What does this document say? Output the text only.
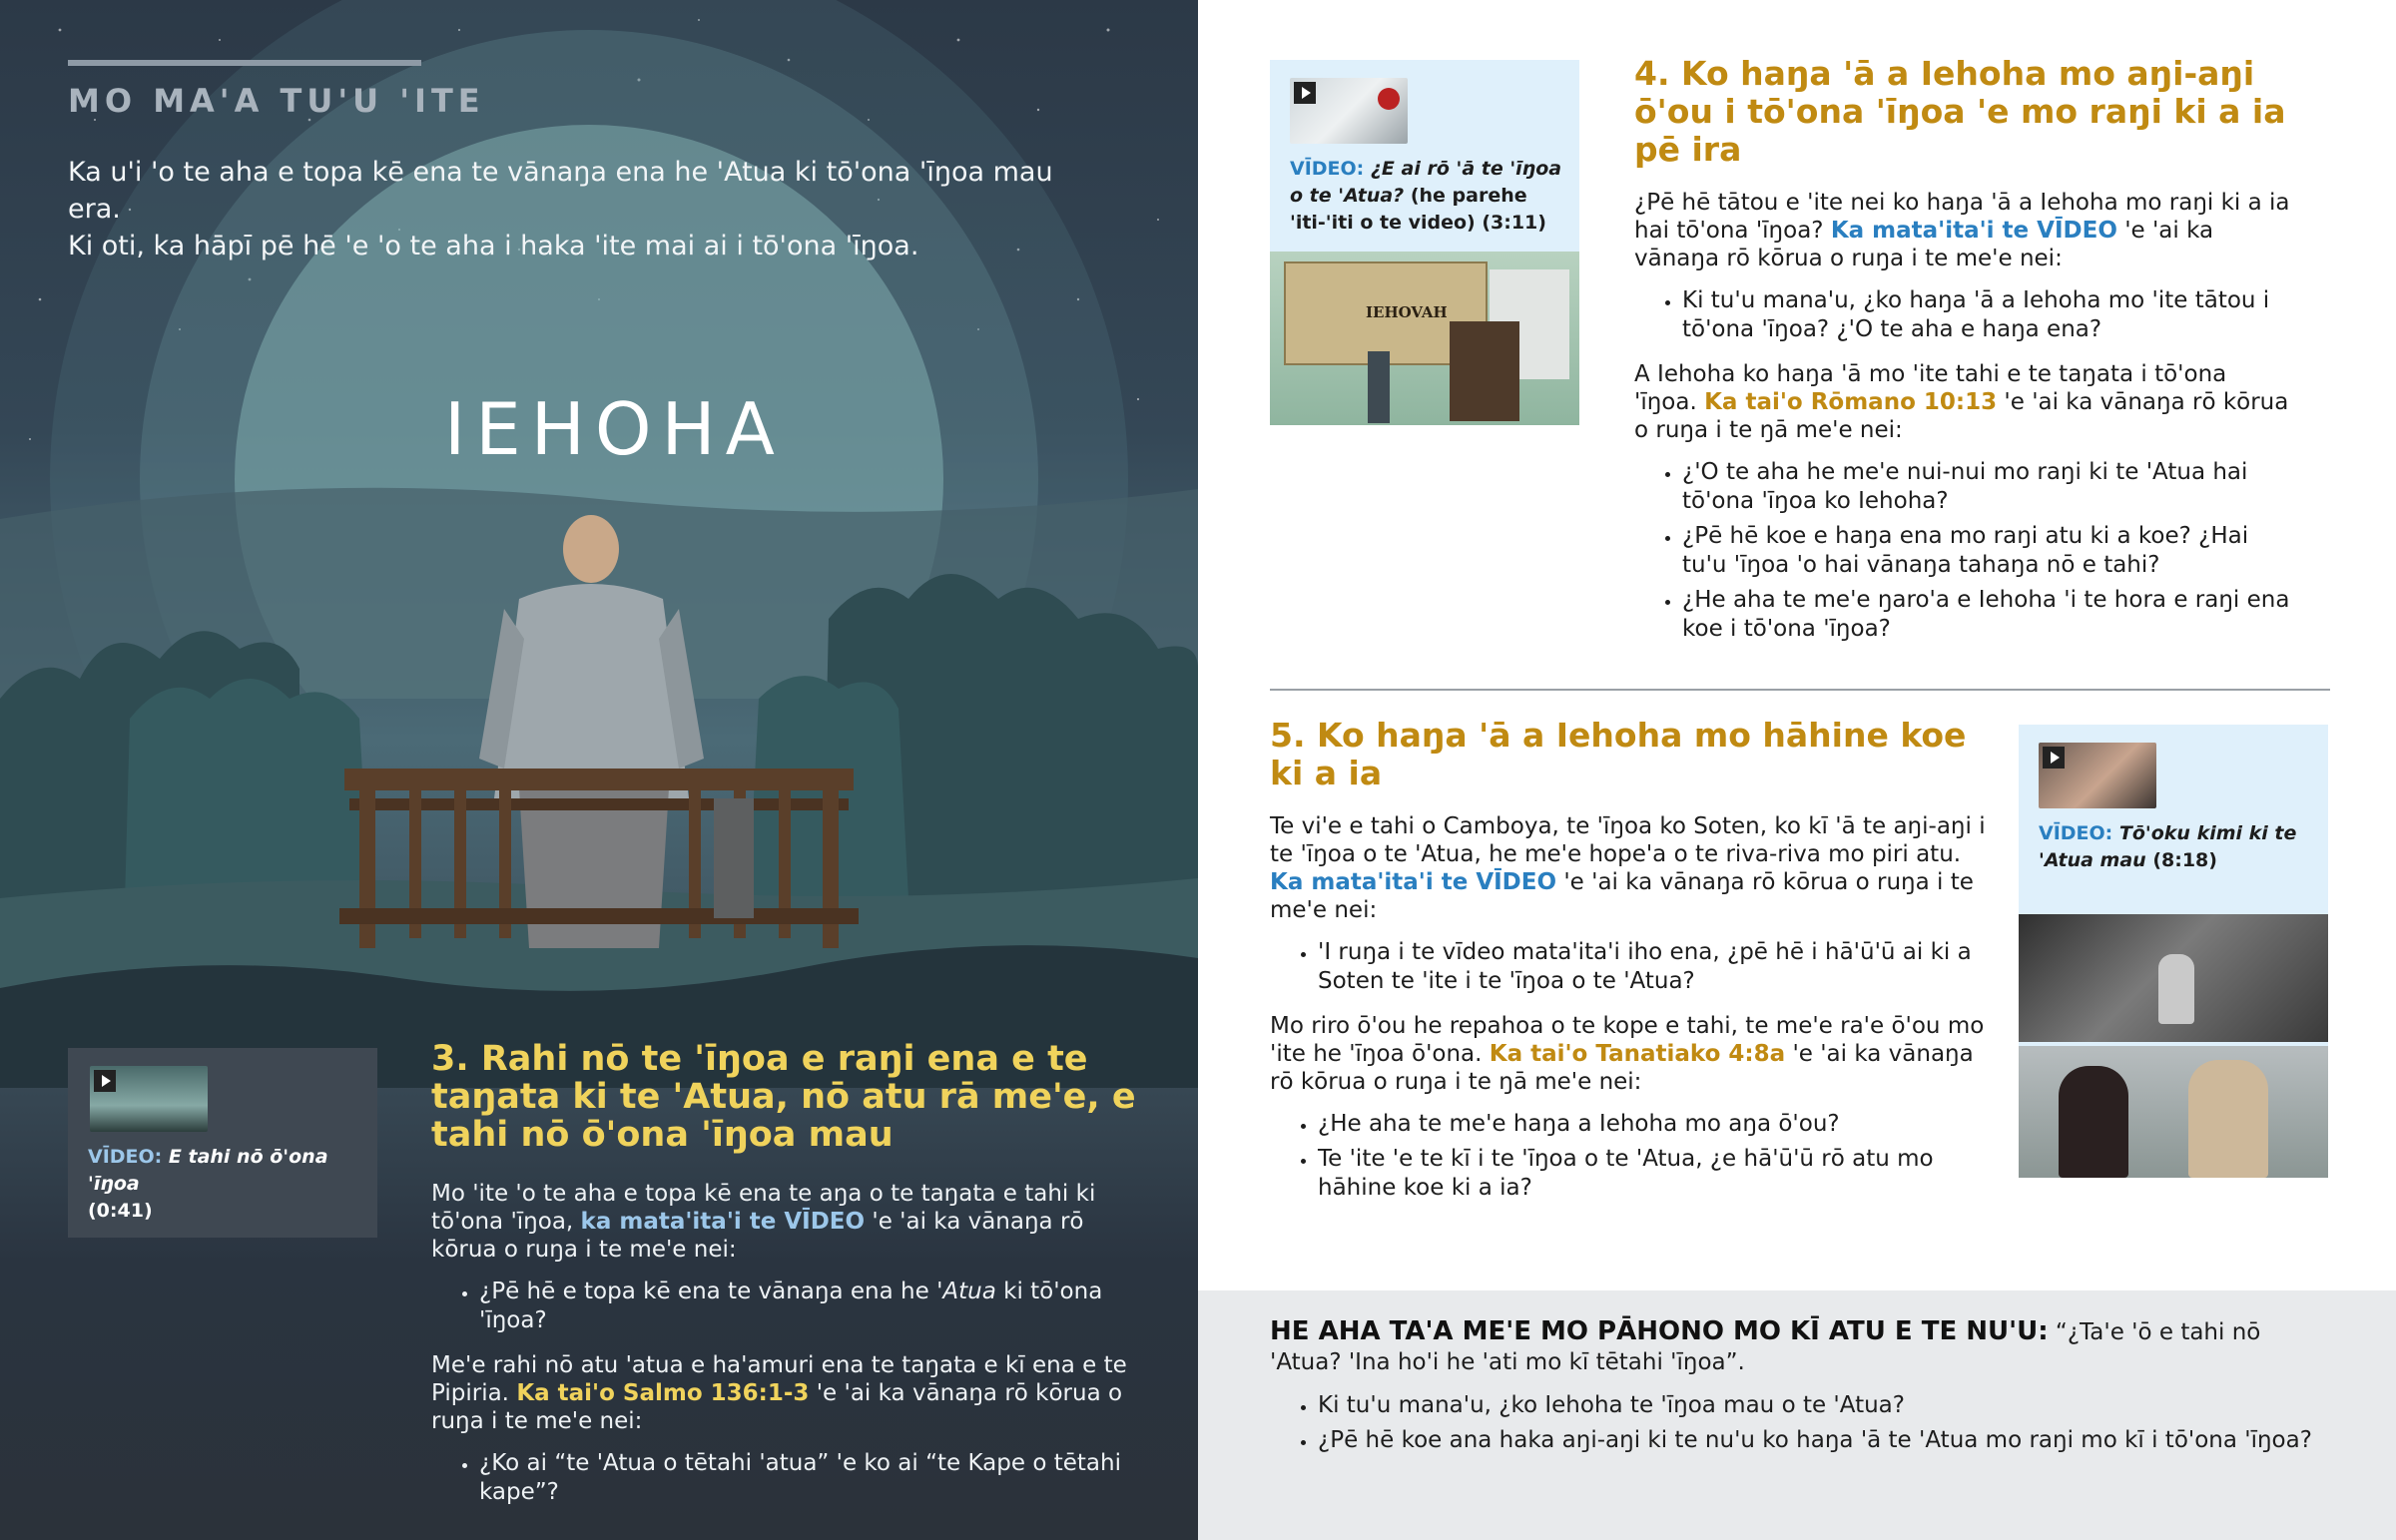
MO MA'A TU'U 'ITE
Ka u'i 'o te aha e topa kē ena te vānaŋa ena he 'Atua ki tō'ona 'īŋoa mau era.
Ki oti, ka hāpī pē hē 'e 'o te aha i haka 'ite mai ai i tō'ona 'īŋoa.
IEHOHA
VĪDEO: E tahi nō ō'ona 'īŋoa
(0:41)
3. Rahi nō te 'īŋoa e raŋi ena e te taŋata ki te 'Atua, nō atu rā me'e, e tahi nō ō'ona 'īŋoa mau

Mo 'ite 'o te aha e topa kē ena te aŋa o te taŋata e tahi ki tō'ona 'īŋoa, ka mata'ita'i te VĪDEO 'e 'ai ka vānaŋa rō kōrua o ruŋa i te me'e nei:

• ¿Pē hē e topa kē ena te vānaŋa ena he 'Atua ki tō'ona 'īŋoa?

Me'e rahi nō atu 'atua e ha'amuri ena te taŋata e kī ena e te Pipiria. Ka tai'o Salmo 136:1-3 'e 'ai ka vānaŋa rō kōrua o ruŋa i te me'e nei:

• ¿Ko ai “te 'Atua o tētahi 'atua” 'e ko ai “te Kape o tētahi kape”?
VĪDEO: ¿E ai rō 'ā te 'īŋoa o te 'Atua? (he parehe 'iti-'iti o te video) (3:11)
IEHOVAH
4. Ko haŋa 'ā a Iehoha mo aŋi-aŋi ō'ou i tō'ona 'īŋoa 'e mo raŋi ki a ia pē ira

¿Pē hē tātou e 'ite nei ko haŋa 'ā a Iehoha mo raŋi ki a ia hai tō'ona 'īŋoa? Ka mata'ita'i te VĪDEO 'e 'ai ka vānaŋa rō kōrua o ruŋa i te me'e nei:

• Ki tu'u mana'u, ¿ko haŋa 'ā a Iehoha mo 'ite tātou i tō'ona 'īŋoa? ¿'O te aha e haŋa ena?

A Iehoha ko haŋa 'ā mo 'ite tahi e te taŋata i tō'ona 'īŋoa. Ka tai'o Rōmano 10:13 'e 'ai ka vānaŋa rō kōrua o ruŋa i te ŋā me'e nei:

• ¿'O te aha he me'e nui-nui mo raŋi ki te 'Atua hai tō'ona 'īŋoa ko Iehoha?
• ¿Pē hē koe e haŋa ena mo raŋi atu ki a koe? ¿Hai tu'u 'īŋoa 'o hai vānaŋa tahaŋa nō e tahi?
• ¿He aha te me'e ŋaro'a e Iehoha 'i te hora e raŋi ena koe i tō'ona 'īŋoa?
5. Ko haŋa 'ā a Iehoha mo hāhine koe ki a ia

Te vi'e e tahi o Camboya, te 'īŋoa ko Soten, ko kī 'ā te aŋi-aŋi i te 'īŋoa o te 'Atua, he me'e hope'a o te riva-riva mo piri atu. Ka mata'ita'i te VĪDEO 'e 'ai ka vānaŋa rō kōrua o ruŋa i te me'e nei:

• 'I ruŋa i te vīdeo mata'ita'i iho ena, ¿pē hē i hā'ū'ū ai ki a Soten te 'ite i te 'īŋoa o te 'Atua?

Mo riro ō'ou he repahoa o te kope e tahi, te me'e ra'e ō'ou mo 'ite he 'īŋoa ō'ona. Ka tai'o Tanatiako 4:8a 'e 'ai ka vānaŋa rō kōrua o ruŋa i te ŋā me'e nei:

• ¿He aha te me'e haŋa a Iehoha mo aŋa ō'ou?
• Te 'ite 'e te kī i te 'īŋoa o te 'Atua, ¿e hā'ū'ū rō atu mo hāhine koe ki a ia?
VĪDEO: Tō'oku kimi ki te 'Atua mau (8:18)

HE AHA TA'A ME'E MO PĀHONO MO KĪ ATU E TE NU'U: “¿Ta'e 'ō e tahi nō 'Atua? 'Ina ho'i he 'ati mo kī tētahi 'īŋoa”.

• Ki tu'u mana'u, ¿ko Iehoha te 'īŋoa mau o te 'Atua?
• ¿Pē hē koe ana haka aŋi-aŋi ki te nu'u ko haŋa 'ā te 'Atua mo raŋi mo kī i tō'ona 'īŋoa?
